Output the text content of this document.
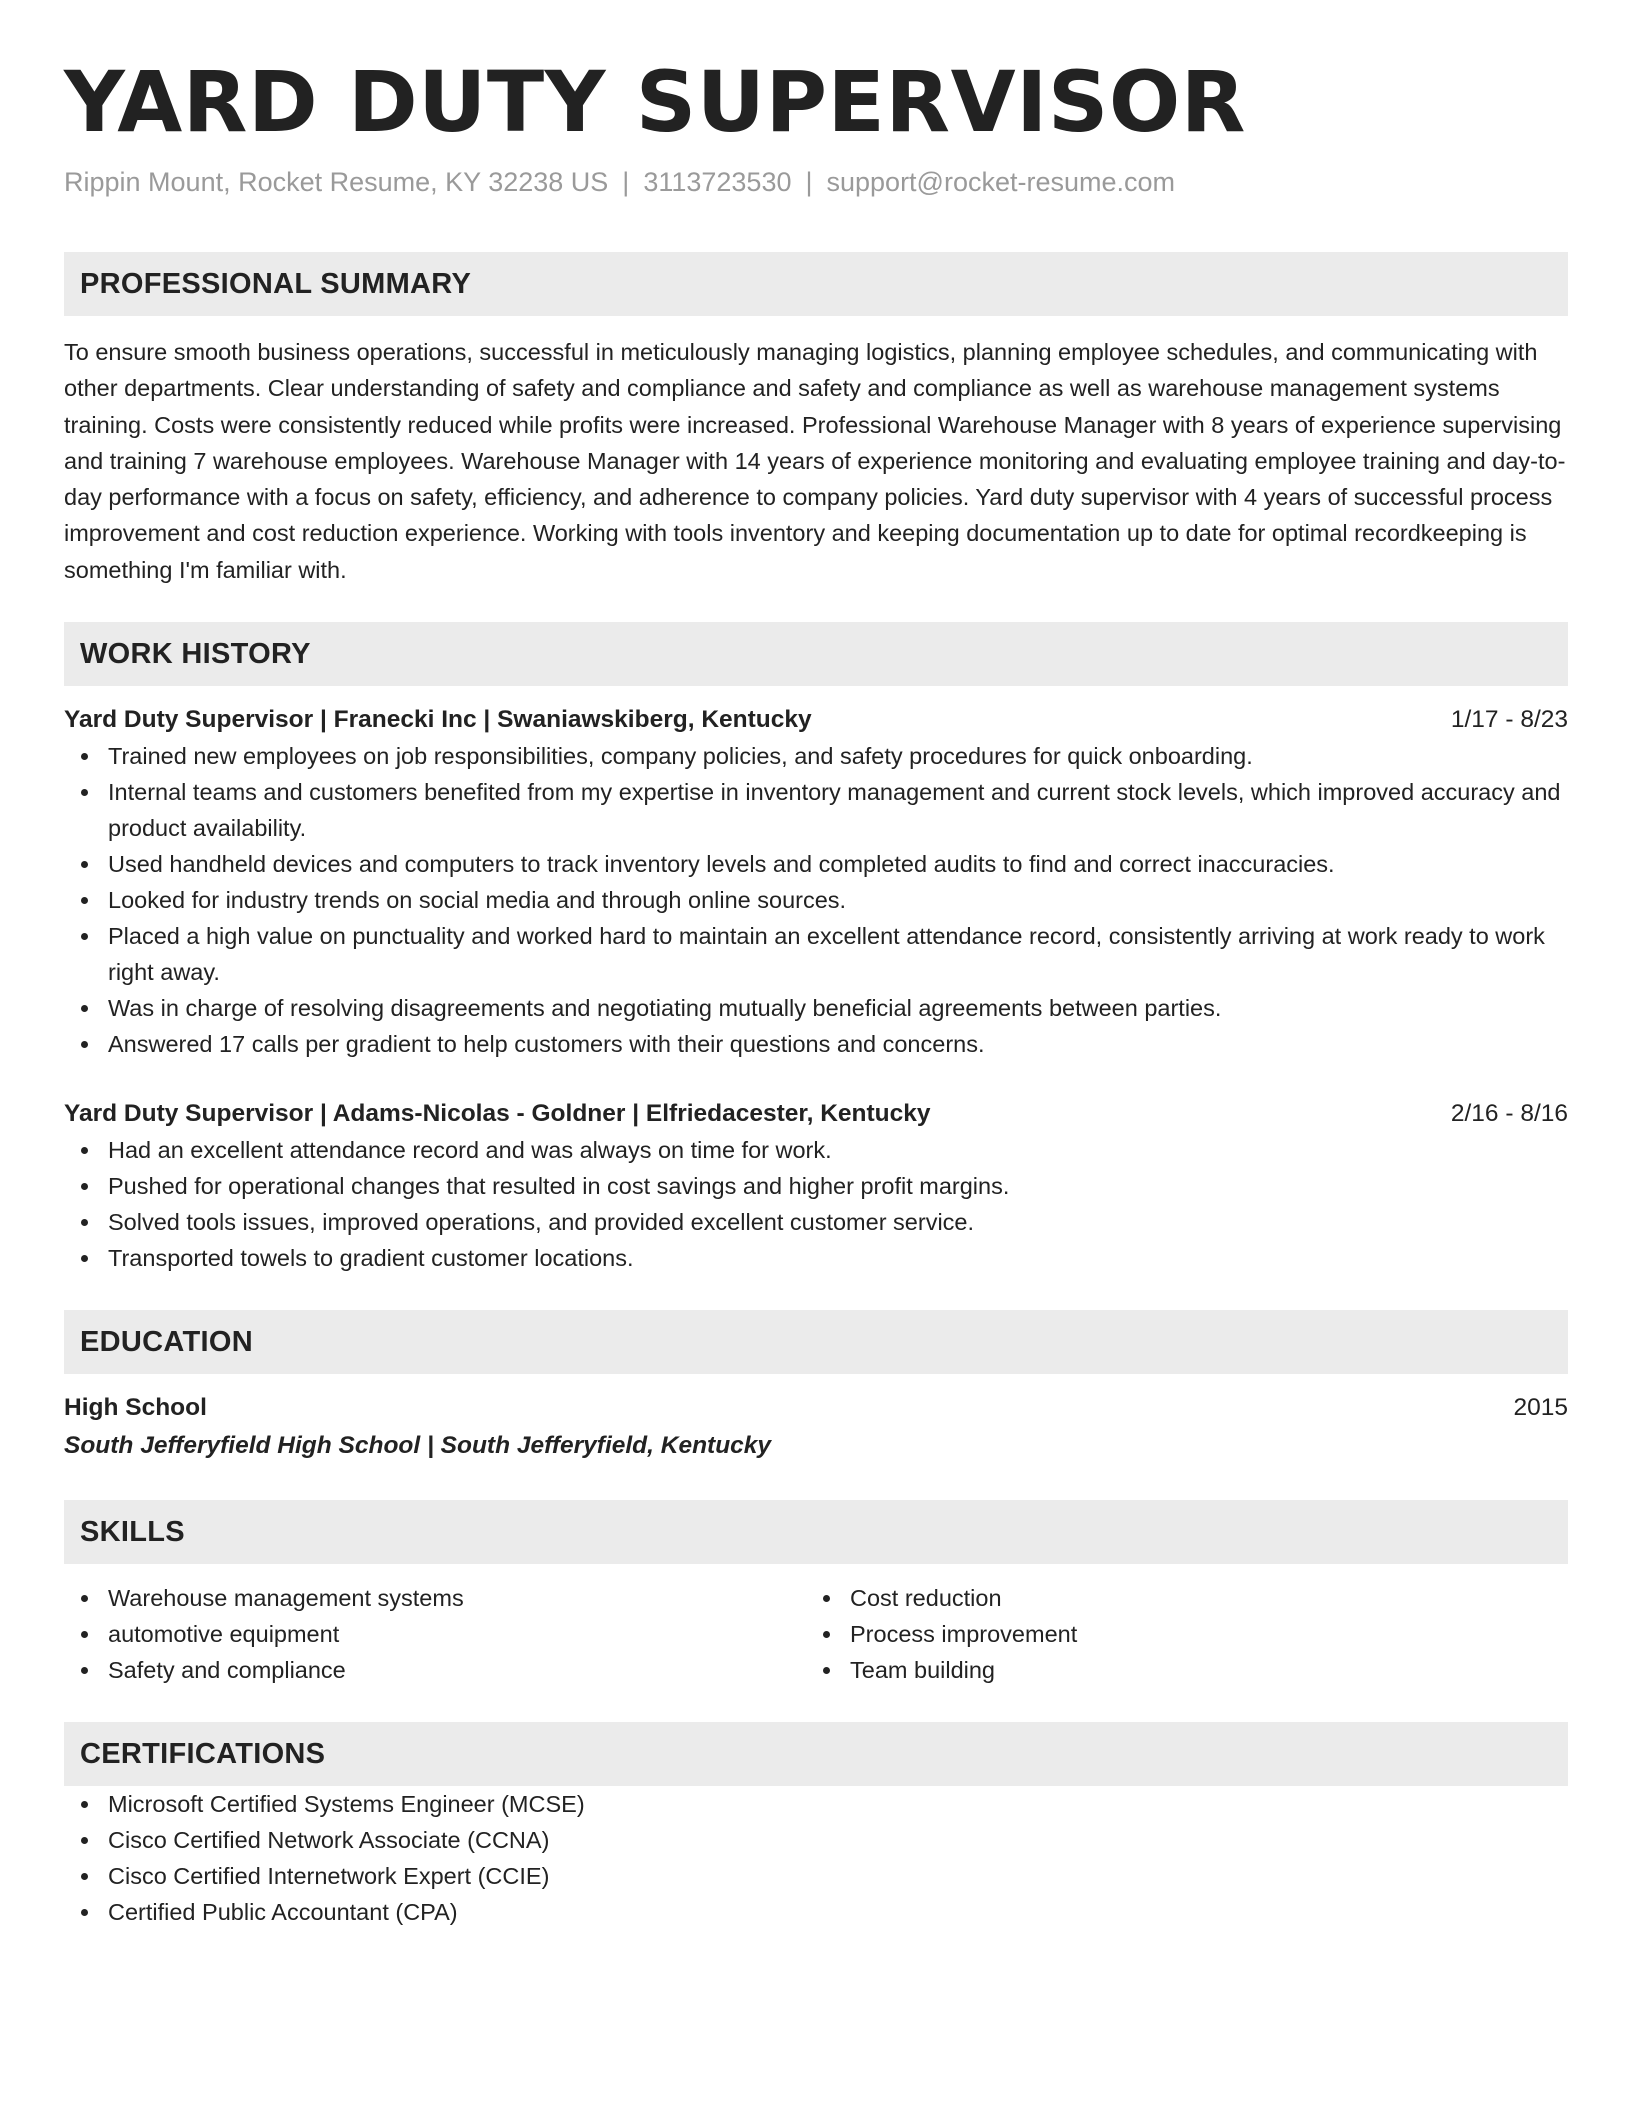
YARD DUTY SUPERVISOR
Rippin Mount, Rocket Resume, KY 32238 US | 3113723530 | support@rocket-resume.com
PROFESSIONAL SUMMARY
To ensure smooth business operations, successful in meticulously managing logistics, planning employee schedules, and communicating with other departments. Clear understanding of safety and compliance and safety and compliance as well as warehouse management systems training. Costs were consistently reduced while profits were increased. Professional Warehouse Manager with 8 years of experience supervising and training 7 warehouse employees. Warehouse Manager with 14 years of experience monitoring and evaluating employee training and day-to-day performance with a focus on safety, efficiency, and adherence to company policies. Yard duty supervisor with 4 years of successful process improvement and cost reduction experience. Working with tools inventory and keeping documentation up to date for optimal recordkeeping is something I'm familiar with.
WORK HISTORY
Yard Duty Supervisor | Franecki Inc | Swaniawskiberg, Kentucky	1/17 - 8/23
Trained new employees on job responsibilities, company policies, and safety procedures for quick onboarding.
Internal teams and customers benefited from my expertise in inventory management and current stock levels, which improved accuracy and product availability.
Used handheld devices and computers to track inventory levels and completed audits to find and correct inaccuracies.
Looked for industry trends on social media and through online sources.
Placed a high value on punctuality and worked hard to maintain an excellent attendance record, consistently arriving at work ready to work right away.
Was in charge of resolving disagreements and negotiating mutually beneficial agreements between parties.
Answered 17 calls per gradient to help customers with their questions and concerns.
Yard Duty Supervisor | Adams-Nicolas - Goldner | Elfriedacester, Kentucky	2/16 - 8/16
Had an excellent attendance record and was always on time for work.
Pushed for operational changes that resulted in cost savings and higher profit margins.
Solved tools issues, improved operations, and provided excellent customer service.
Transported towels to gradient customer locations.
EDUCATION
High School	2015
South Jefferyfield High School | South Jefferyfield, Kentucky
SKILLS
Warehouse management systems
automotive equipment
Safety and compliance
Cost reduction
Process improvement
Team building
CERTIFICATIONS
Microsoft Certified Systems Engineer (MCSE)
Cisco Certified Network Associate (CCNA)
Cisco Certified Internetwork Expert (CCIE)
Certified Public Accountant (CPA)
